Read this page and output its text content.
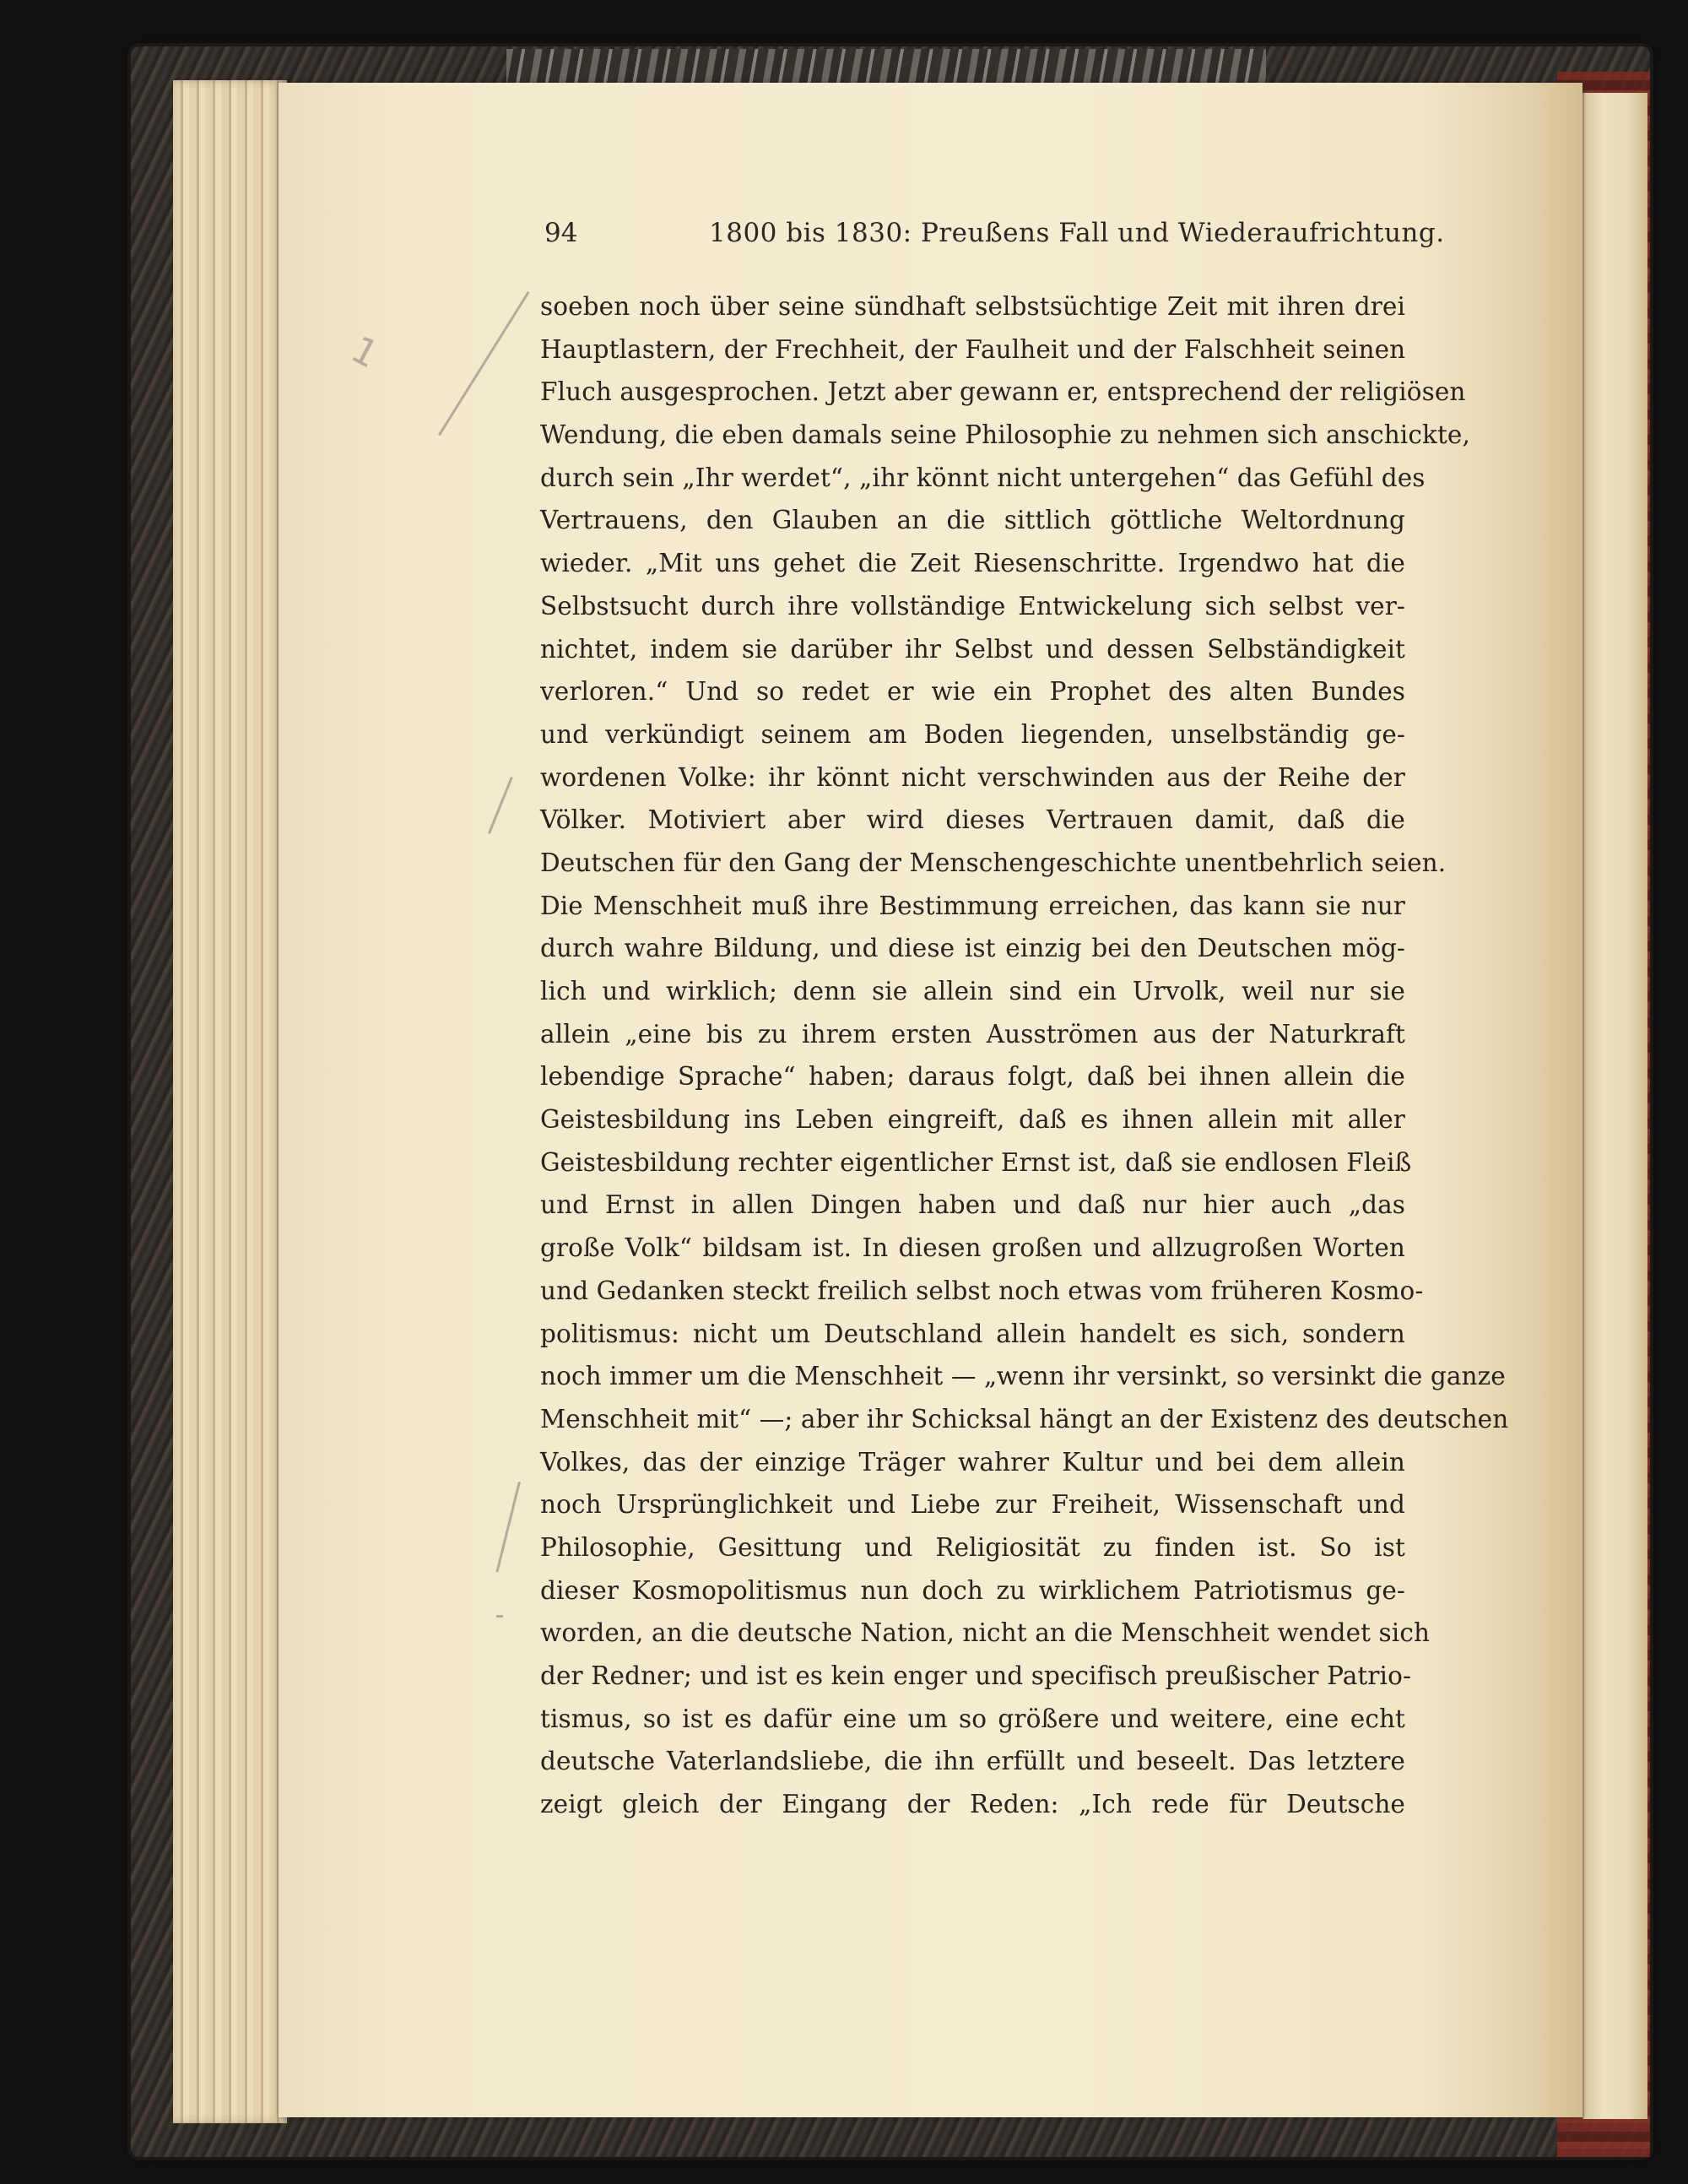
94	1800 bis 1830: Preußens Fall und Wiederaufrichtung.
soeben noch über seine sündhaft selbstsüchtige Zeit mit ihren drei
Hauptlastern, der Frechheit, der Faulheit und der Falschheit seinen
Fluch ausgesprochen. Jetzt aber gewann er, entsprechend der religiösen
Wendung, die eben damals seine Philosophie zu nehmen sich anschickte,
durch sein „Ihr werdet“, „ihr könnt nicht untergehen“ das Gefühl des
Vertrauens, den Glauben an die sittlich göttliche Weltordnung
wieder. „Mit uns gehet die Zeit Riesenschritte. Irgendwo hat die
Selbstsucht durch ihre vollständige Entwickelung sich selbst ver-
nichtet, indem sie darüber ihr Selbst und dessen Selbständigkeit
verloren.“ Und so redet er wie ein Prophet des alten Bundes
und verkündigt seinem am Boden liegenden, unselbständig ge-
wordenen Volke: ihr könnt nicht verschwinden aus der Reihe der
Völker. Motiviert aber wird dieses Vertrauen damit, daß die
Deutschen für den Gang der Menschengeschichte unentbehrlich seien.
Die Menschheit muß ihre Bestimmung erreichen, das kann sie nur
durch wahre Bildung, und diese ist einzig bei den Deutschen mög-
lich und wirklich; denn sie allein sind ein Urvolk, weil nur sie
allein „eine bis zu ihrem ersten Ausströmen aus der Naturkraft
lebendige Sprache“ haben; daraus folgt, daß bei ihnen allein die
Geistesbildung ins Leben eingreift, daß es ihnen allein mit aller
Geistesbildung rechter eigentlicher Ernst ist, daß sie endlosen Fleiß
und Ernst in allen Dingen haben und daß nur hier auch „das
große Volk“ bildsam ist. In diesen großen und allzugroßen Worten
und Gedanken steckt freilich selbst noch etwas vom früheren Kosmo-
politismus: nicht um Deutschland allein handelt es sich, sondern
noch immer um die Menschheit — „wenn ihr versinkt, so versinkt die ganze
Menschheit mit“ —; aber ihr Schicksal hängt an der Existenz des deutschen
Volkes, das der einzige Träger wahrer Kultur und bei dem allein
noch Ursprünglichkeit und Liebe zur Freiheit, Wissenschaft und
Philosophie, Gesittung und Religiosität zu finden ist. So ist
dieser Kosmopolitismus nun doch zu wirklichem Patriotismus ge-
worden, an die deutsche Nation, nicht an die Menschheit wendet sich
der Redner; und ist es kein enger und specifisch preußischer Patrio-
tismus, so ist es dafür eine um so größere und weitere, eine echt
deutsche Vaterlandsliebe, die ihn erfüllt und beseelt. Das letztere
zeigt gleich der Eingang der Reden: „Ich rede für Deutsche
1
